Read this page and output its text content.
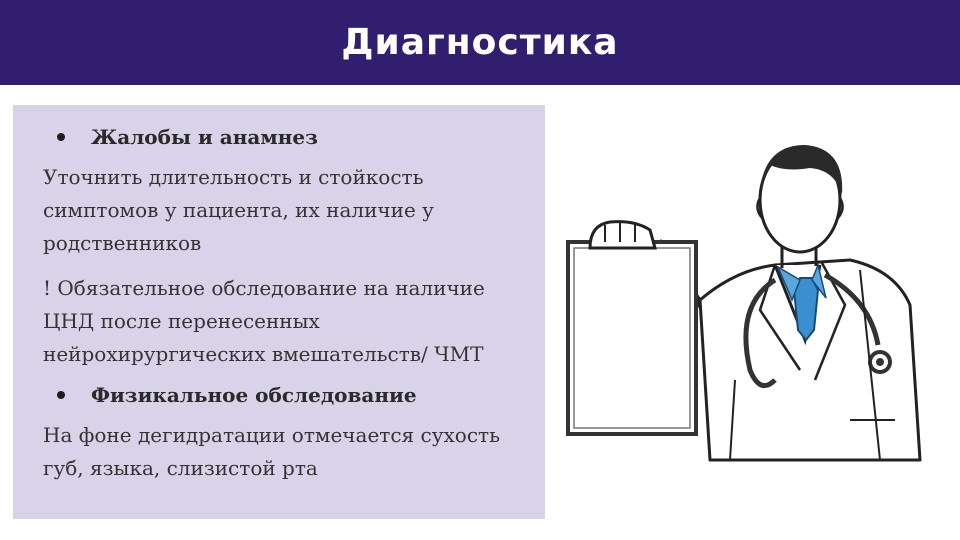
Диагностика
Жалобы и анамнез

Уточнить длительность и стойкость симптомов у пациента, их наличие у родственников

! Обязательное обследование на наличие ЦНД после перенесенных нейрохирургических вмешательств/ ЧМТ

Физикальное обследование

На фоне дегидратации отмечается сухость губ, языка, слизистой рта
